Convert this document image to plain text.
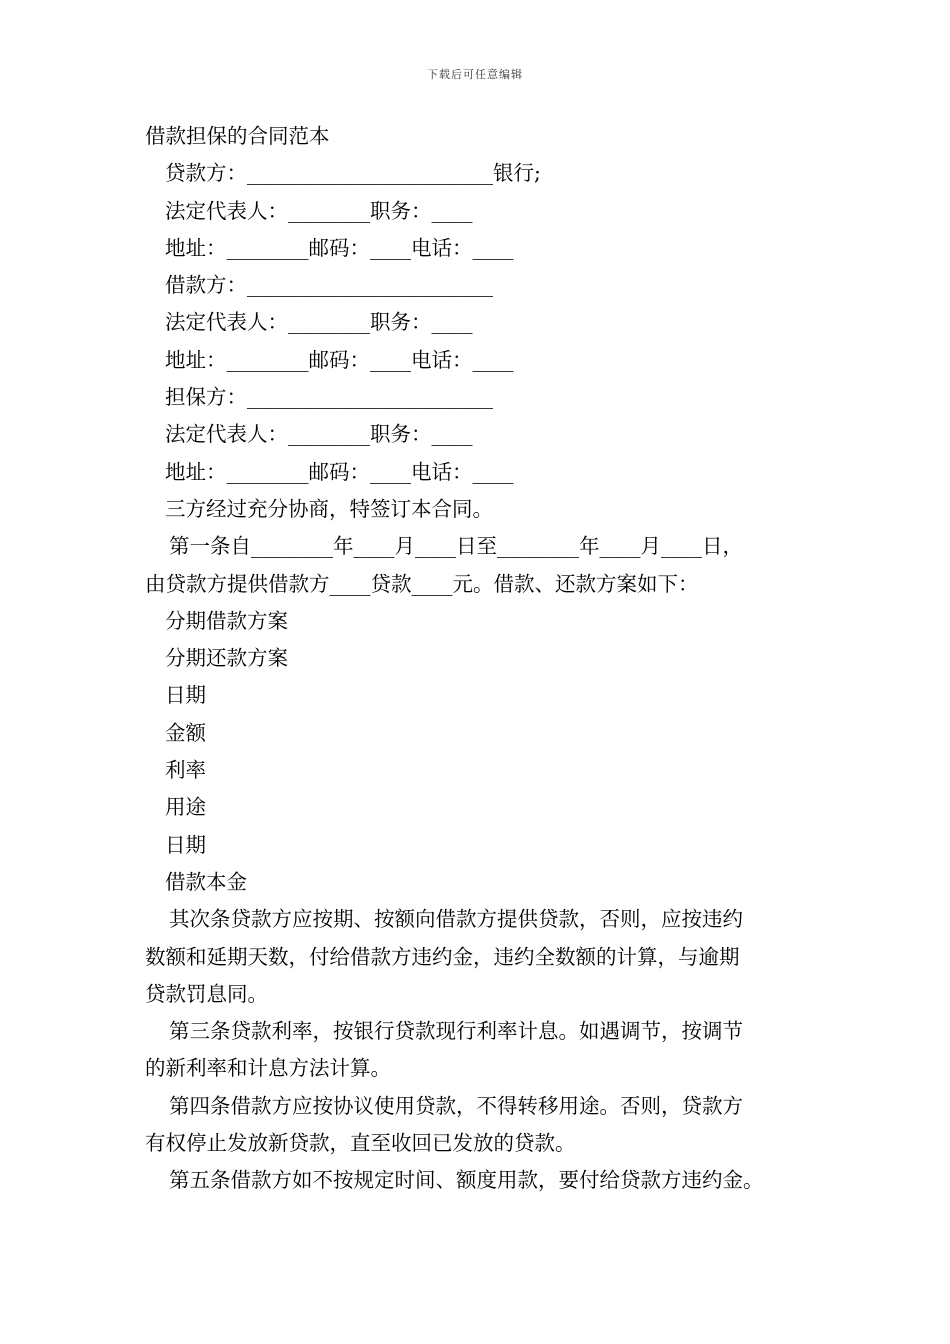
下载后可任意编辑

借款担保的合同范本

贷款方：________________________银行;

法定代表人：________职务：____

地址：________邮码：____电话：____

借款方：________________________

法定代表人：________职务：____

地址：________邮码：____电话：____

担保方：________________________

法定代表人：________职务：____

地址：________邮码：____电话：____

三方经过充分协商，特签订本合同。

第一条自________年____月____日至________年____月____日，

由贷款方提供借款方____贷款____元。借款、还款方案如下：

分期借款方案

分期还款方案

日期

金额

利率

用途

日期

借款本金

其次条贷款方应按期、按额向借款方提供贷款，否则，应按违约

数额和延期天数，付给借款方违约金，违约全数额的计算，与逾期

贷款罚息同。

第三条贷款利率，按银行贷款现行利率计息。如遇调节，按调节

的新利率和计息方法计算。

第四条借款方应按协议使用贷款，不得转移用途。否则，贷款方

有权停止发放新贷款，直至收回已发放的贷款。

第五条借款方如不按规定时间、额度用款，要付给贷款方违约金。
